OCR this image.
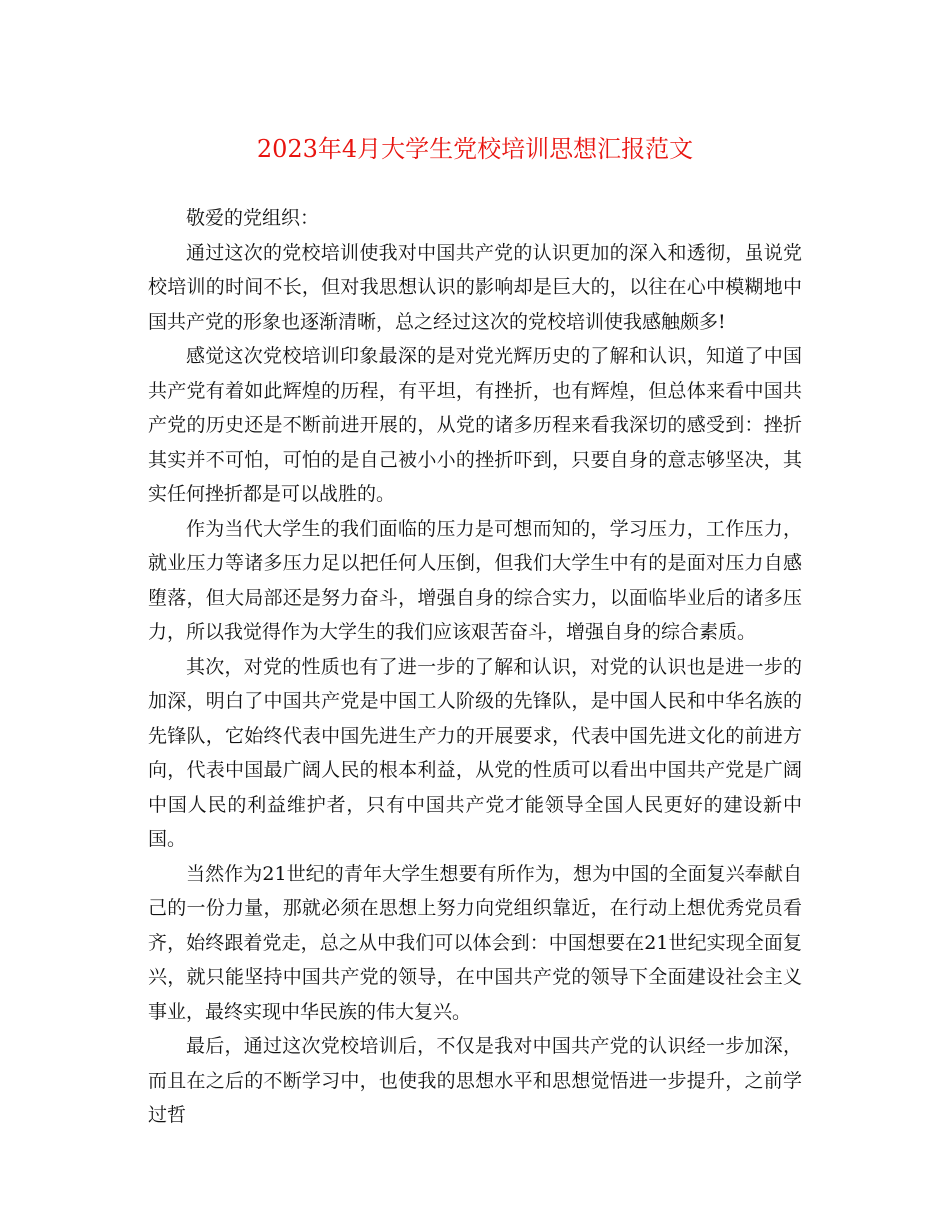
2023年4月大学生党校培训思想汇报范文

敬爱的党组织：

通过这次的党校培训使我对中国共产党的认识更加的深入和透彻，虽说党校培训的时间不长，但对我思想认识的影响却是巨大的，以往在心中模糊地中国共产党的形象也逐渐清晰，总之经过这次的党校培训使我感触颇多!

感觉这次党校培训印象最深的是对党光辉历史的了解和认识，知道了中国共产党有着如此辉煌的历程，有平坦，有挫折，也有辉煌，但总体来看中国共产党的历史还是不断前进开展的，从党的诸多历程来看我深切的感受到：挫折其实并不可怕，可怕的是自己被小小的挫折吓到，只要自身的意志够坚决，其实任何挫折都是可以战胜的。

作为当代大学生的我们面临的压力是可想而知的，学习压力，工作压力，就业压力等诸多压力足以把任何人压倒，但我们大学生中有的是面对压力自感堕落，但大局部还是努力奋斗，增强自身的综合实力，以面临毕业后的诸多压力，所以我觉得作为大学生的我们应该艰苦奋斗，增强自身的综合素质。

其次，对党的性质也有了进一步的了解和认识，对党的认识也是进一步的加深，明白了中国共产党是中国工人阶级的先锋队，是中国人民和中华名族的先锋队，它始终代表中国先进生产力的开展要求，代表中国先进文化的前进方向，代表中国最广阔人民的根本利益，从党的性质可以看出中国共产党是广阔中国人民的利益维护者，只有中国共产党才能领导全国人民更好的建设新中国。

当然作为21世纪的青年大学生想要有所作为，想为中国的全面复兴奉献自己的一份力量，那就必须在思想上努力向党组织靠近，在行动上想优秀党员看齐，始终跟着党走，总之从中我们可以体会到：中国想要在21世纪实现全面复兴，就只能坚持中国共产党的领导，在中国共产党的领导下全面建设社会主义事业，最终实现中华民族的伟大复兴。

最后，通过这次党校培训后，不仅是我对中国共产党的认识经一步加深，而且在之后的不断学习中，也使我的思想水平和思想觉悟进一步提升，之前学过哲
